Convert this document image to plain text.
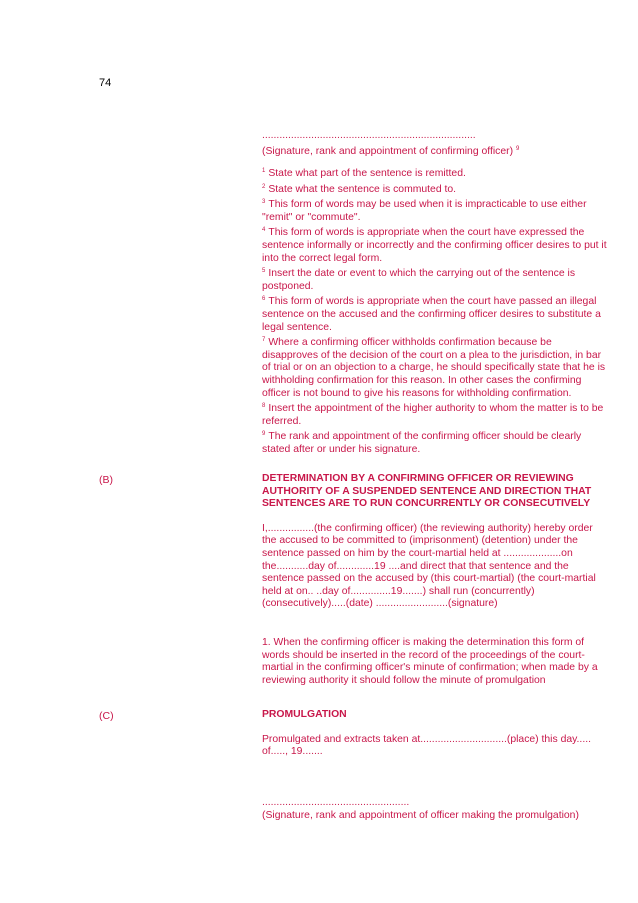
74
..........................................................................
(Signature, rank and appointment of confirming officer) $^9$
$^1$ State what part of the sentence is remitted.
$^2$ State what the sentence is commuted to.
$^3$ This form of words may be used when it is impracticable to use either "remit" or "commute".
$^4$ This form of words is appropriate when the court have expressed the sentence informally or incorrectly and the confirming officer desires to put it into the correct legal form.
$^5$ Insert the date or event to which the carrying out of the sentence is postponed.
$^6$ This form of words is appropriate when the court have passed an illegal sentence on the accused and the confirming officer desires to substitute a legal sentence.
$^7$ Where a confirming officer withholds confirmation because be disapproves of the decision of the court on a plea to the jurisdiction, in bar of trial or on an objection to a charge, he should specifically state that he is withholding confirmation for this reason. In other cases the confirming officer is not bound to give his reasons for withholding confirmation.
$^8$ Insert the appointment of the higher authority to whom the matter is to be referred.
$^9$ The rank and appointment of the confirming officer should be clearly stated after or under his signature.
(B)	DETERMINATION BY A CONFIRMING OFFICER OR REVIEWING AUTHORITY OF A SUSPENDED SENTENCE AND DIRECTION THAT SENTENCES ARE TO RUN CONCURRENTLY OR CONSECUTIVELY

I,................(the confirming officer) (the reviewing authority) hereby order the accused to be committed to (imprisonment) (detention) under the sentence passed on him by the court-martial held at ....................on the...........day of.............19 ....and direct that that sentence and the sentence passed on the accused by (this court-martial) (the court-martial held at on.. ..day of..............19.......) shall run (concurrently) (consecutively).....(date) .........................(signature)

1. When the confirming officer is making the determination this form of words should be inserted in the record of the proceedings of the court-martial in the confirming officer's minute of confirmation; when made by a reviewing authority it should follow the minute of promulgation

(C)	PROMULGATION

Promulgated and extracts taken at..............................(place) this day..... of....., 19.......

...................................................
(Signature, rank and appointment of officer making the promulgation)
